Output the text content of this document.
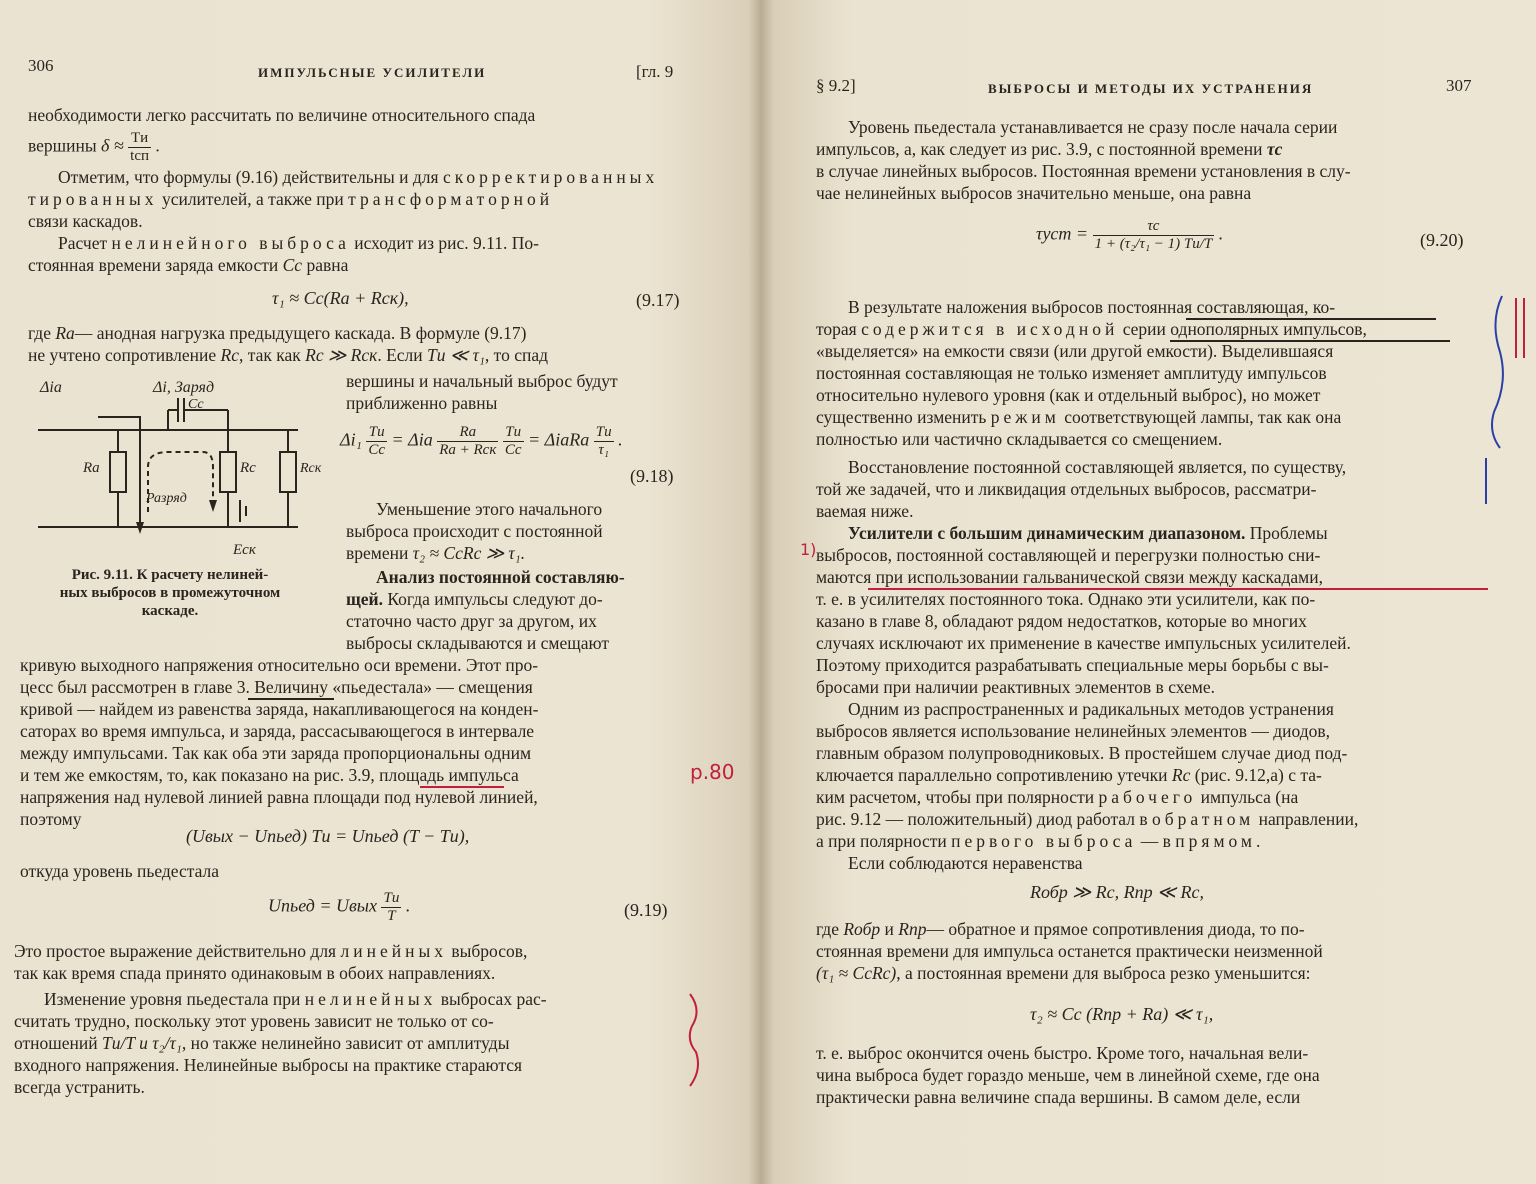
306	ИМПУЛЬСНЫЕ УСИЛИТЕЛИ	[гл. 9
необходимости легко рассчитать по величине относительного спада
вершины $\delta \approx \frac{Tи}{\text{tсп}}$ .
Отметим, что формулы (9.16) действительны и для скорректированных
тированных усилителей, а также при трансформаторной
связи каскадов.
Расчет нелинейного выброса исходит из рис. 9.11. По-
стоянная времени заряда емкости Cc равна
τ₁ ≈ Cc(Ra + Rск),	(9.17)
где Ra— анодная нагрузка предыдущего каскада. В формуле (9.17)
не учтено сопротивление Rc, так как Rc ≫ Rск. Если Tи ≪ τ₁, то спад
Δia	Δi, Заряд
Cc
Ra	Rc	Rск
Разряд
Eск
вершины и начальный выброс будут
приближенно равны
$\Delta i_1 \frac{Tи}{Cc} = \Delta ia \frac{Ra}{\text{Ra + Rск}}$
$\frac{Tи}{Cc}$ = ΔiaRa $\frac{Tи}{\text{τ₁}}$ .
(9.18)
Уменьшение этого начального
выброса происходит с постоянной
времени τ₂ ≈ CcRc ≫ τ₁.
Рис. 9.11. К расчету нелиней-
ных выбросов в промежуточном
каскаде.
Анализ постоянной составляю-
щей. Когда импульсы следуют до-
статочно часто друг за другом, их
выбросы складываются и смещают
кривую выходного напряжения относительно оси времени. Этот про-
цесс был рассмотрен в главе 3. Величину «пьедестала» — смещения
кривой — найдем из равенства заряда, накапливающегося на конден-
саторах во время импульса, и заряда, рассасывающегося в интервале
между импульсами. Так как оба эти заряда пропорциональны одним
и тем же емкостям, то, как показано на рис. 3.9, площадь импульса
напряжения над нулевой линией равна площади под нулевой линией,
поэтому
p.80
(Uвых − Uпьед) Tи = Uпьед (T − Tи),
откуда уровень пьедестала
Uпьед = Uвых $\frac{Tи}{T}$ .	(9.19)
Это простое выражение действительно для линейных выбросов,
так как время спада принято одинаковым в обоих направлениях.
Изменение уровня пьедестала при нелинейных выбросах рас-
считать трудно, поскольку этот уровень зависит не только от со-
отношений Tи/T и τ₂/τ₁, но также нелинейно зависит от амплитуды
входного напряжения. Нелинейные выбросы на практике стараются
всегда устранить.
§ 9.2]	ВЫБРОСЫ И МЕТОДЫ ИХ УСТРАНЕНИЯ	307
Уровень пьедестала устанавливается не сразу после начала серии
импульсов, а, как следует из рис. 3.9, с постоянной времени τc
в случае линейных выбросов. Постоянная времени установления в слу-
чае нелинейных выбросов значительно меньше, она равна
$\tau уст = \frac{\tau c}{\text{1 + (τ₂/τ₁ − 1) Tи/T}}$ .	(9.20)
В результате наложения выбросов постоянная составляющая, ко-
торая содержится в исходной серии однополярных импульсов,
«выделяется» на емкости связи (или другой емкости). Выделившаяся
постоянная составляющая не только изменяет амплитуду импульсов
относительно нулевого уровня (как и отдельный выброс), но может
существенно изменить режим соответствующей лампы, так как она
полностью или частично складывается со смещением.
Восстановление постоянной составляющей является, по существу,
той же задачей, что и ликвидация отдельных выбросов, рассматри-
ваемая ниже.
Усилители с большим динамическим диапазоном. Проблемы
выбросов, постоянной составляющей и перегрузки полностью сни-
маются при использовании гальванической связи между каскадами,
т. е. в усилителях постоянного тока. Однако эти усилители, как по-
1)
казано в главе 8, обладают рядом недостатков, которые во многих
случаях исключают их применение в качестве импульсных усилителей.
Поэтому приходится разрабатывать специальные меры борьбы с вы-
бросами при наличии реактивных элементов в схеме.
Одним из распространенных и радикальных методов устранения
выбросов является использование нелинейных элементов — диодов,
главным образом полупроводниковых. В простейшем случае диод под-
ключается параллельно сопротивлению утечки Rc (рис. 9.12,а) с та-
ким расчетом, чтобы при полярности рабочего импульса (на
рис. 9.12 — положительный) диод работал в обратном направлении,
а при полярности первого выброса — в прямом.
Если соблюдаются неравенства
Rобр ≫ Rc, Rпр ≪ Rc,
где Rобр и Rпр— обратное и прямое сопротивления диода, то по-
стоянная времени для импульса останется практически неизменной
(τ₁ ≈ CcRc), а постоянная времени для выброса резко уменьшится:
τ₂ ≈ Cc (Rпр + Ra) ≪ τ₁,
т. е. выброс окончится очень быстро. Кроме того, начальная вели-
чина выброса будет гораздо меньше, чем в линейной схеме, где она
практически равна величине спада вершины. В самом деле, если
